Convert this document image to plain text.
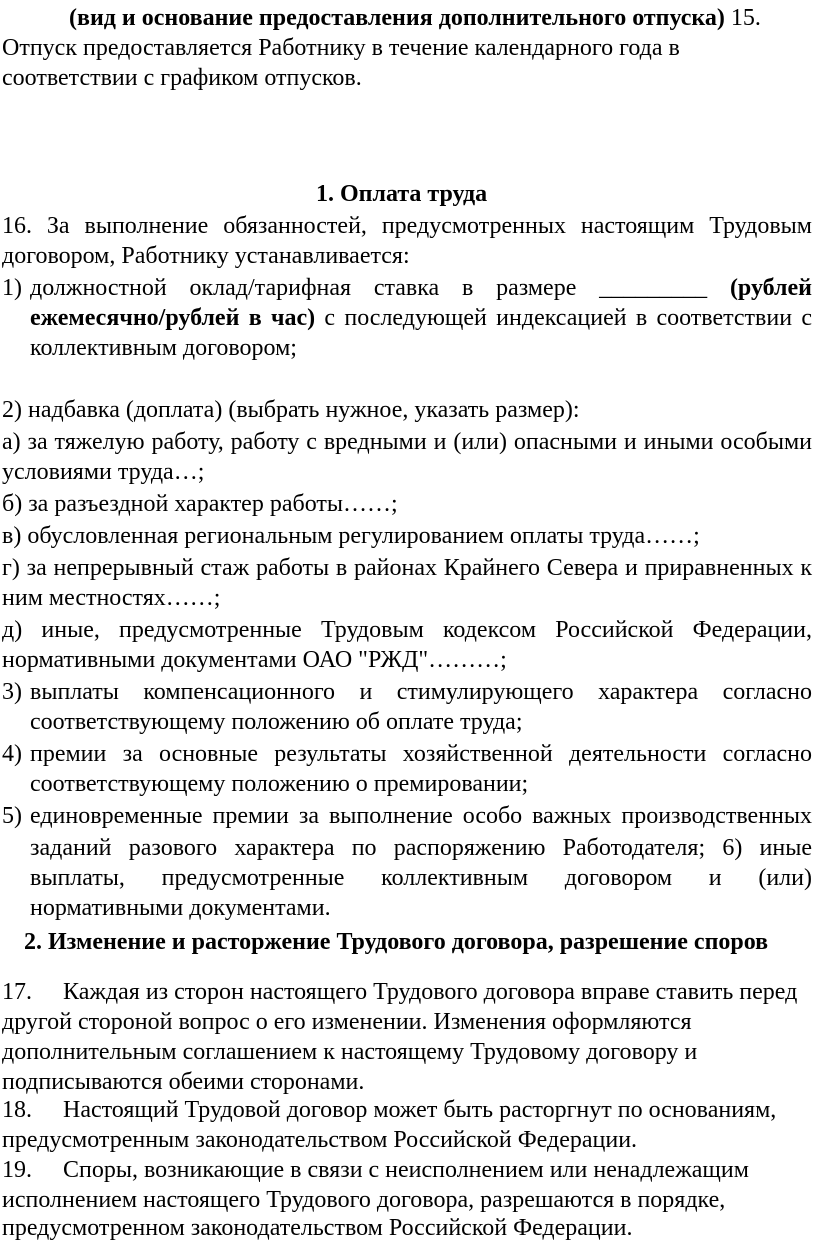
(вид и основание предоставления дополнительного отпуска) 15.
Отпуск предоставляется Работнику в течение календарного года в
соответствии с графиком отпусков.
1. Оплата труда
16. За выполнение обязанностей, предусмотренных настоящим Трудовым
договором, Работнику устанавливается:
1) должностной оклад/тарифная ставка в размере _________ (рублей
ежемесячно/рублей в час) с последующей индексацией в соответствии с
коллективным договором;
2) надбавка (доплата) (выбрать нужное, указать размер):
а) за тяжелую работу, работу с вредными и (или) опасными и иными особыми
условиями труда…;
б) за разъездной характер работы……;
в) обусловленная региональным регулированием оплаты труда……;
г) за непрерывный стаж работы в районах Крайнего Севера и приравненных к
ним местностях……;
д) иные, предусмотренные Трудовым кодексом Российской Федерации,
нормативными документами ОАО "РЖД"………;
3) выплаты компенсационного и стимулирующего характера согласно
соответствующему положению об оплате труда;
4) премии за основные результаты хозяйственной деятельности согласно
соответствующему положению о премировании;
5) единовременные премии за выполнение особо важных производственных
заданий разового характера по распоряжению Работодателя; 6) иные
выплаты, предусмотренные коллективным договором и (или)
нормативными документами.
2. Изменение и расторжение Трудового договора, разрешение споров
17. Каждая из сторон настоящего Трудового договора вправе ставить перед
другой стороной вопрос о его изменении. Изменения оформляются
дополнительным соглашением к настоящему Трудовому договору и
подписываются обеими сторонами.
18. Настоящий Трудовой договор может быть расторгнут по основаниям,
предусмотренным законодательством Российской Федерации.
19. Споры, возникающие в связи с неисполнением или ненадлежащим
исполнением настоящего Трудового договора, разрешаются в порядке,
предусмотренном законодательством Российской Федерации.
